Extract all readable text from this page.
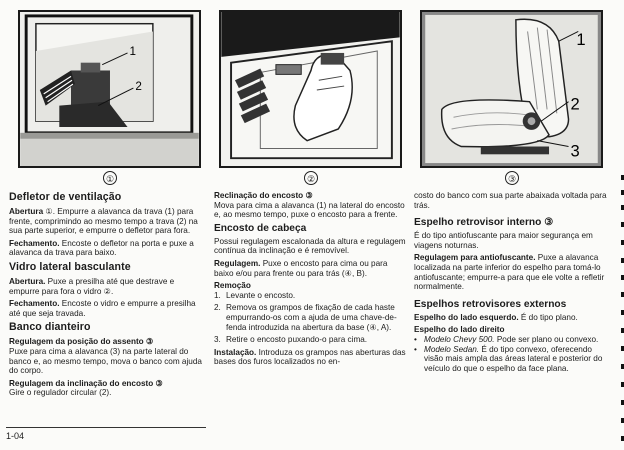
1
2
①	②
1
2
3
③
Defletor de ventilação

Abertura ①. Empurre a alavanca da trava (1) para frente, comprimindo ao mesmo tempo a trava (2) na sua parte superior, e empurre o defletor para fora.

Fechamento. Encoste o defletor na porta e puxe a alavanca da trava para baixo.

Vidro lateral basculante

Abertura. Puxe a presilha até que destrave e empurre para fora o vidro ②.

Fechamento. Encoste o vidro e empurre a presilha até que seja travada.

Banco dianteiro
Regulagem da posição do assento ③

Puxe para cima a alavanca (3) na parte lateral do banco e, ao mesmo tempo, mova o banco com ajuda do corpo.

Regulagem da inclinação do encosto ③

Gire o regulador circular (2).

Reclinação do encosto ③

Mova para cima a alavanca (1) na lateral do encosto e, ao mesmo tempo, puxe o encosto para a frente.

Encosto de cabeça

Possui regulagem escalonada da altura e regulagem contínua da inclinação e é removível.

Regulagem. Puxe o encosto para cima ou para baixo e/ou para frente ou para trás (④, B).

Remoção
1. Levante o encosto.
2. Remova os grampos de fixação de cada haste empurrando-os com a ajuda de uma chave-de-fenda introduzida na abertura da base (④, A).
3. Retire o encosto puxando-o para cima.

Instalação. Introduza os grampos nas aberturas das bases dos furos localizados no en-

costo do banco com sua parte abaixada voltada para trás.

Espelho retrovisor interno ③

É do tipo antiofuscante para maior segurança em viagens noturnas.

Regulagem para antiofuscante. Puxe a alavanca localizada na parte inferior do espelho para tomá-lo antiofuscante; empurre-a para que ele volte a refletir normalmente.

Espelhos retrovisores externos

Espelho do lado esquerdo. É do tipo plano.

Espelho do lado direito
• Modelo Chevy 500. Pode ser plano ou convexo.
• Modelo Sedan. É do tipo convexo, oferecendo visão mais ampla das áreas lateral e posterior do veículo do que o espelho da face plana.
1-04
